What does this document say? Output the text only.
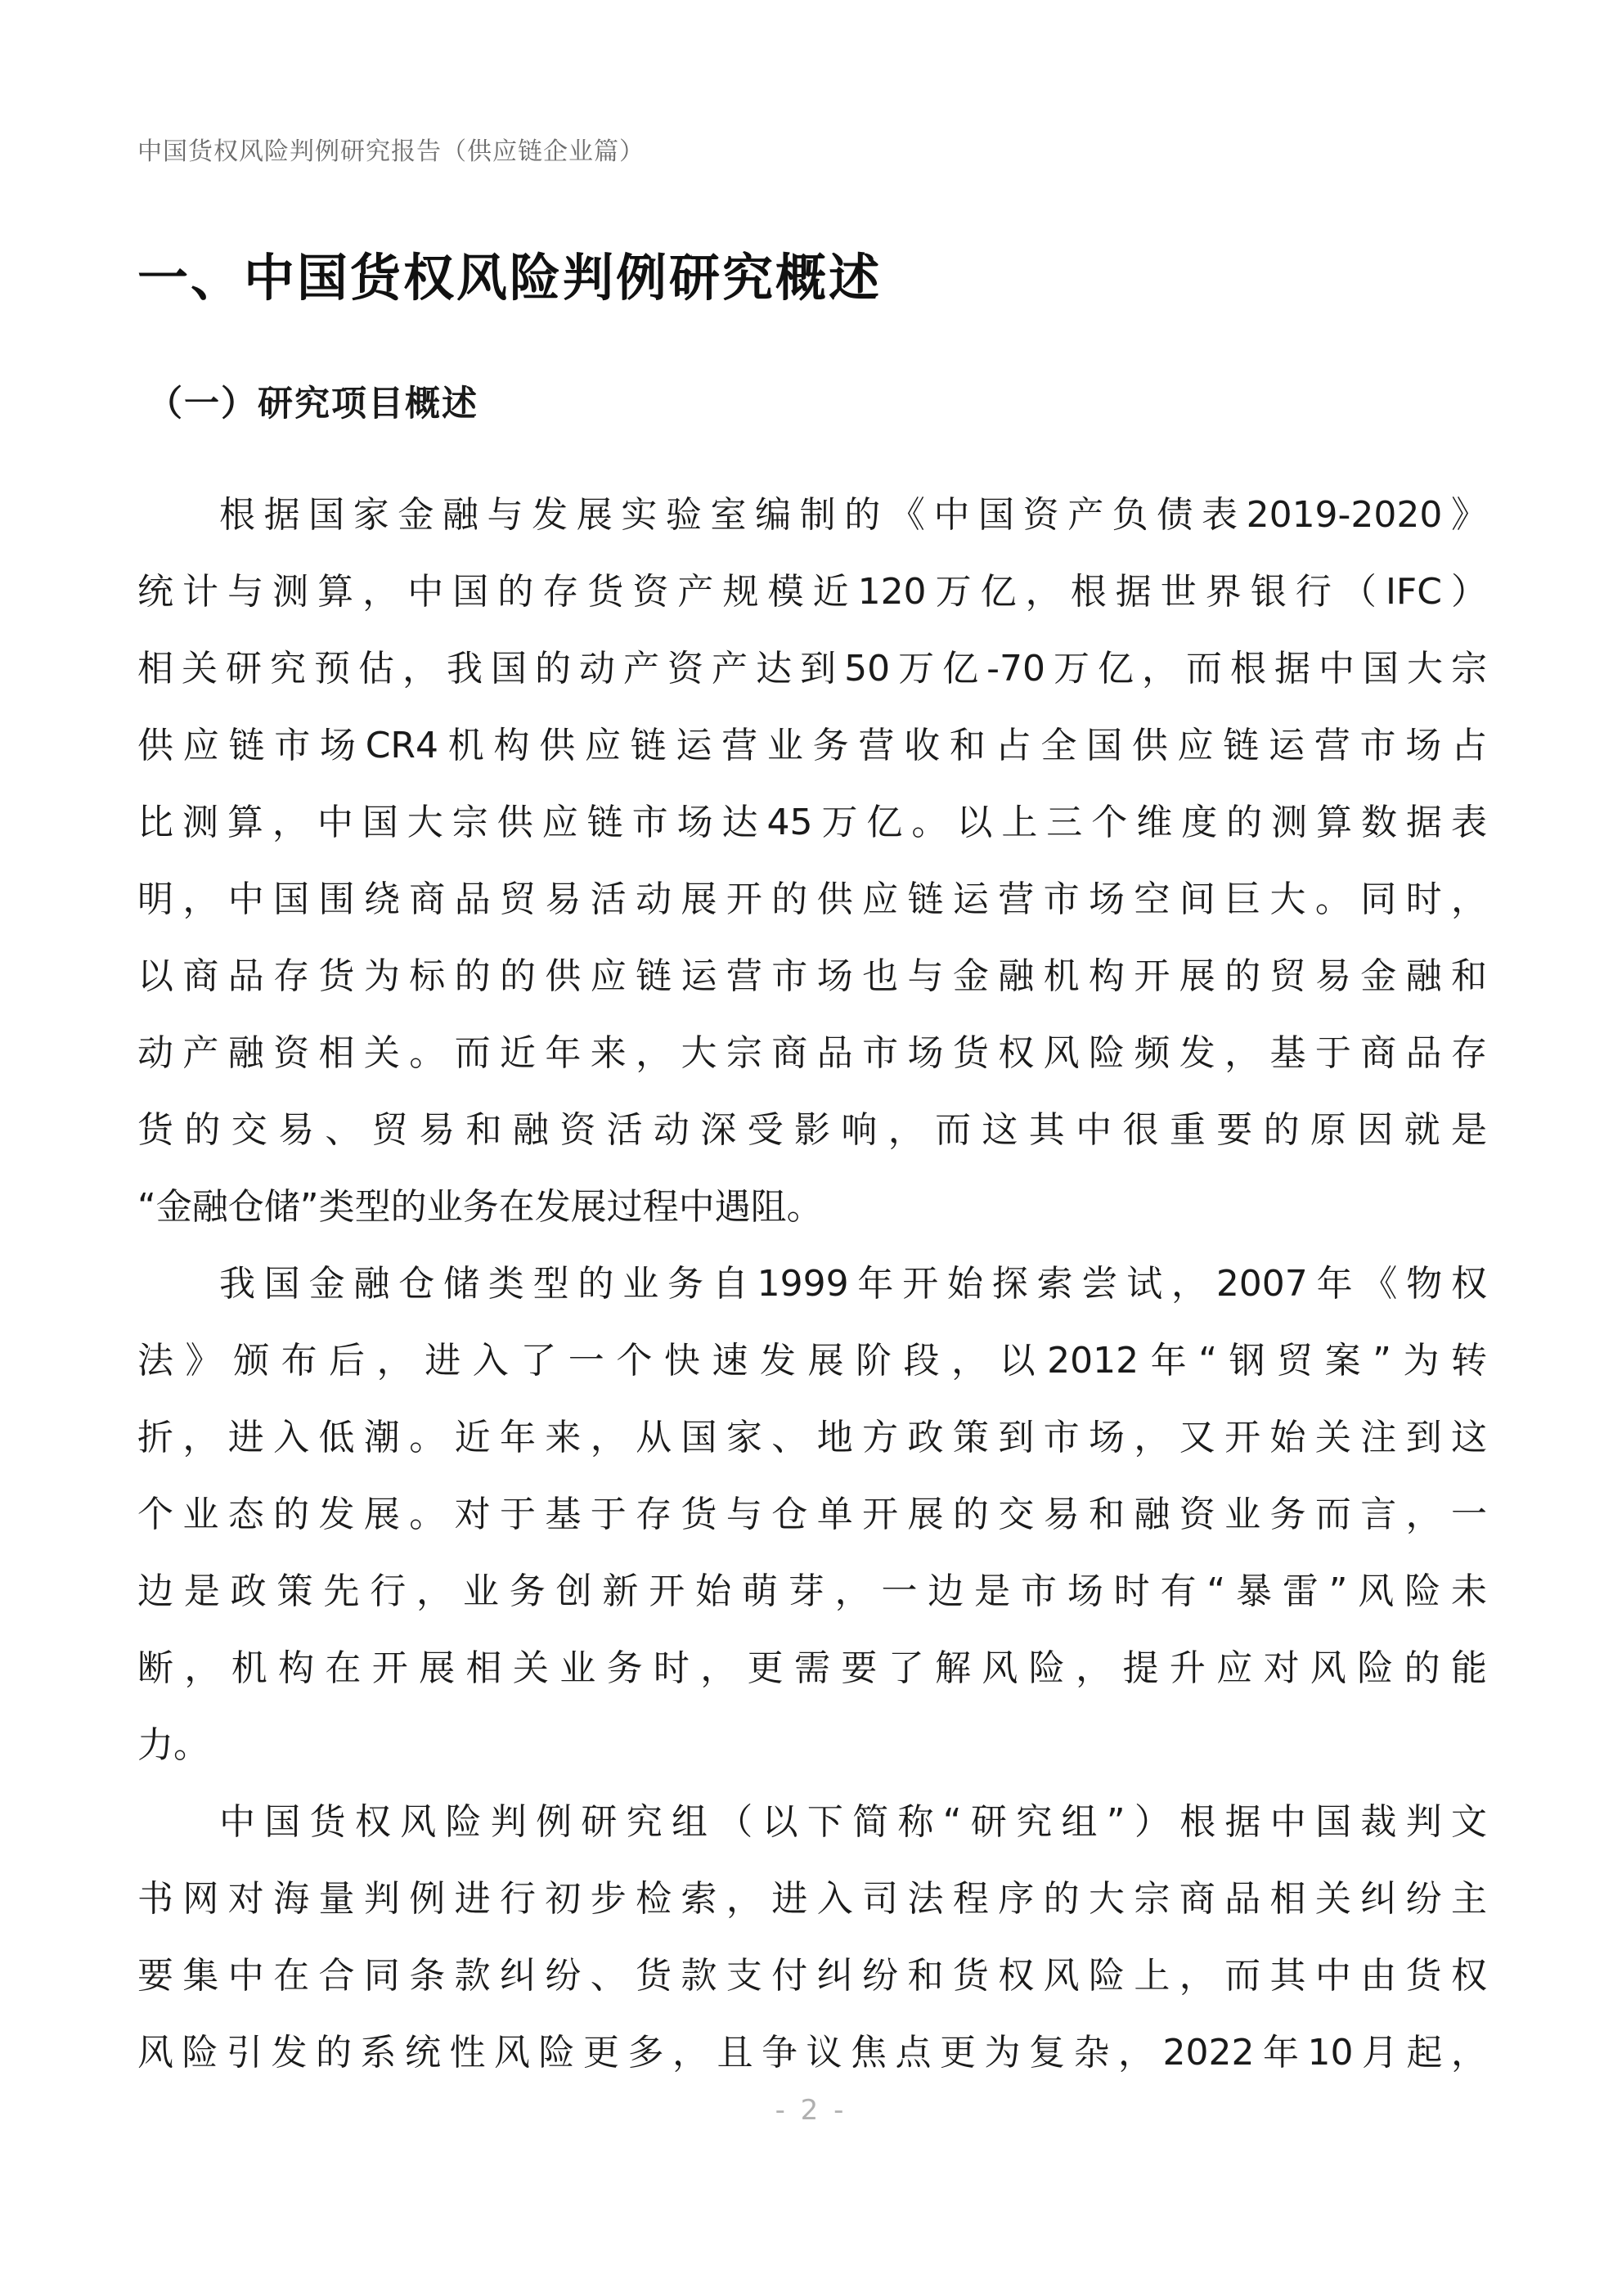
中国货权风险判例研究报告（供应链企业篇）
一、中国货权风险判例研究概述
（一）研究项目概述
根据国家金融与发展实验室编制的《中国资产负债表2019-2020》
统计与测算，中国的存货资产规模近120万亿，根据世界银行（IFC）
相关研究预估，我国的动产资产达到50万亿-70万亿，而根据中国大宗
供应链市场CR4机构供应链运营业务营收和占全国供应链运营市场占
比测算，中国大宗供应链市场达45万亿。以上三个维度的测算数据表
明，中国围绕商品贸易活动展开的供应链运营市场空间巨大。同时，
以商品存货为标的的供应链运营市场也与金融机构开展的贸易金融和
动产融资相关。而近年来，大宗商品市场货权风险频发，基于商品存
货的交易、贸易和融资活动深受影响，而这其中很重要的原因就是
“金融仓储”类型的业务在发展过程中遇阻。
我国金融仓储类型的业务自1999年开始探索尝试，2007年《物权
法》颁布后，进入了一个快速发展阶段，以2012年“钢贸案”为转
折，进入低潮。近年来，从国家、地方政策到市场，又开始关注到这
个业态的发展。对于基于存货与仓单开展的交易和融资业务而言，一
边是政策先行，业务创新开始萌芽，一边是市场时有“暴雷”风险未
断，机构在开展相关业务时，更需要了解风险，提升应对风险的能
力。
中国货权风险判例研究组（以下简称“研究组”）根据中国裁判文
书网对海量判例进行初步检索，进入司法程序的大宗商品相关纠纷主
要集中在合同条款纠纷、货款支付纠纷和货权风险上，而其中由货权
风险引发的系统性风险更多，且争议焦点更为复杂，2022年10月起，
- 2 -
